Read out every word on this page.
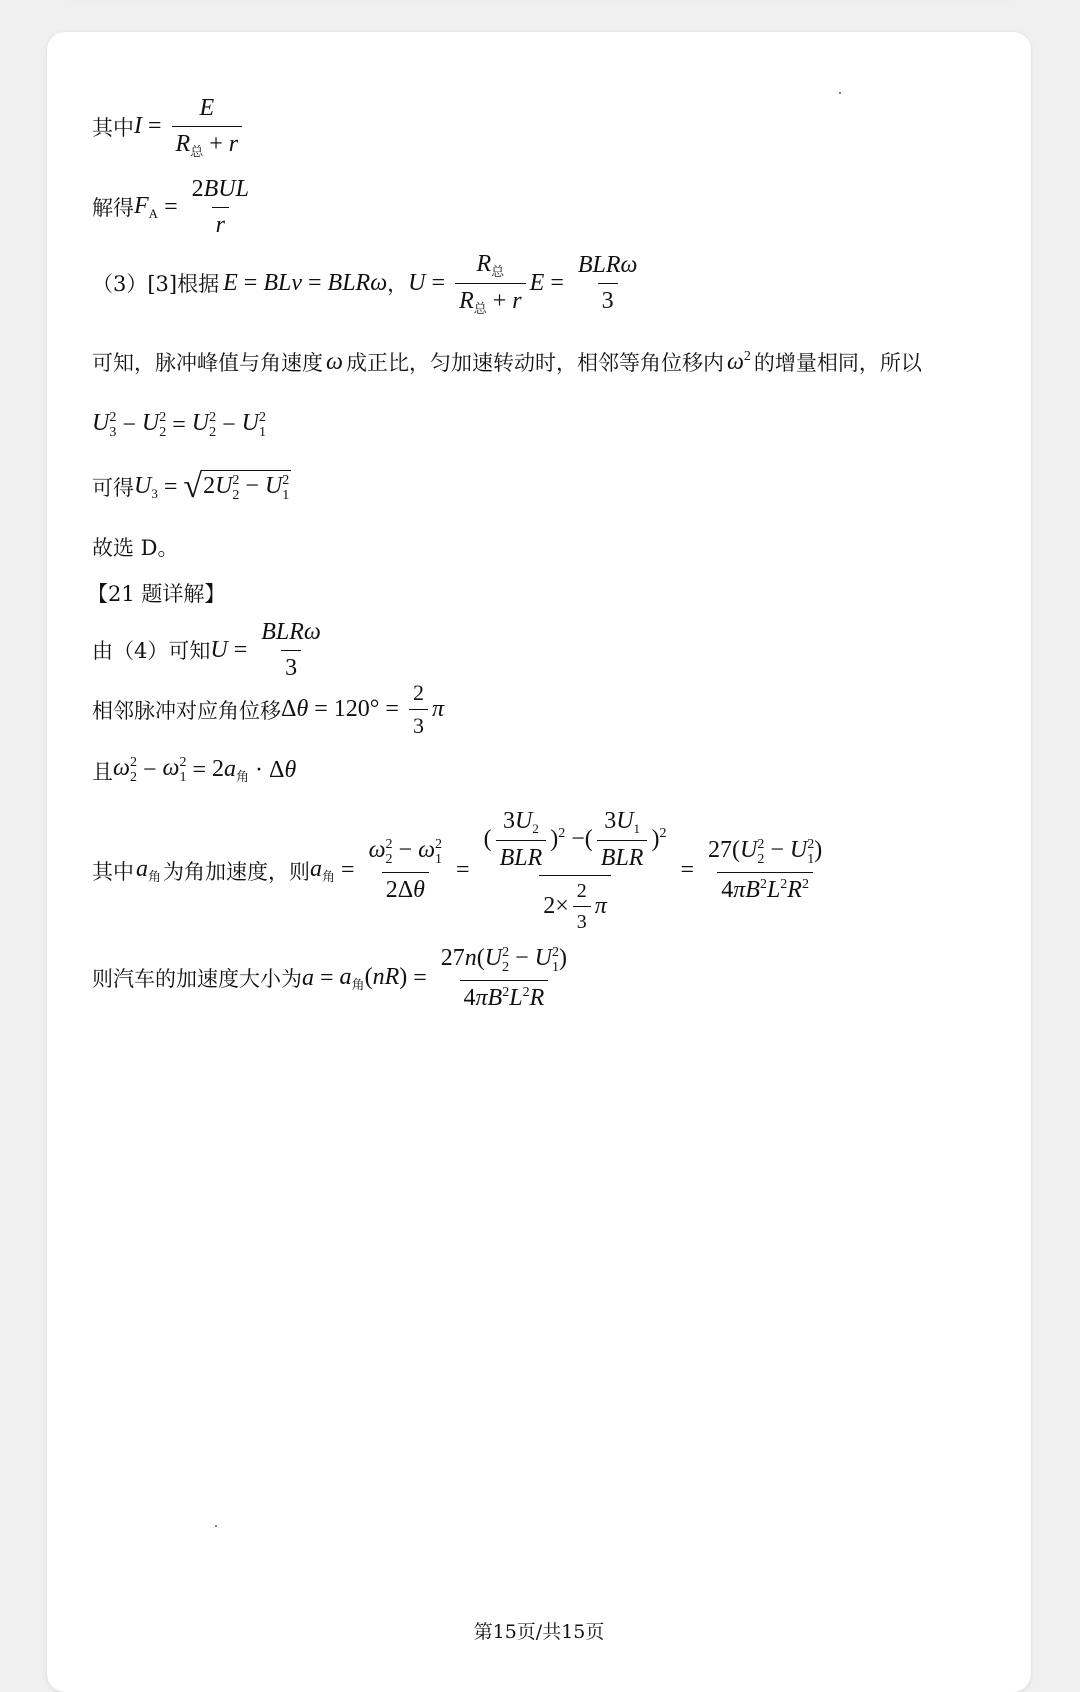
其中 $I = \frac{E}{R_总 + r}$
解得 $F_A = \frac{\text{2BUL}}{r}$
（3）[3]根据 E = BLv = BLRω ， $U = \frac{R_总}{R_总 + r}$ $E = \frac{\text{BLRω}}{3}$
可知，脉冲峰值与角速度 ω 成正比，匀加速转动时，相邻等角位移内 $\omega^2$ 的增量相同，所以
$U^2_3 - U^2_2 = U^2_2 - U^2_1$
可得 $U_3$ = √ $2U^2_2 - U^2_1$
故选 D。
【21 题详解】
由（4）可知 $U = \frac{\text{BLRω}}{3}$
相邻脉冲对应角位移 $\Delta\theta = 120^\circ = \frac{2}{3}$ π
且 $\omega^2_2 - \omega^2_1 = 2a_角 \cdot \Delta\theta$
其中 $a_角$ 为角加速度，则 $a_角 = \frac{\omega^2_2 - \omega^2_1}{2\Delta\theta} = \frac{( \frac{3U_2}{\text{BLR}} )^2 -( \frac{3U_1}{\text{BLR}} )^2}{2\times \frac{2}{3} \pi} = \frac{27(U^2_2 - U^2_1)}{4\pi B^2L^2R^2}$
则汽车的加速度大小为 $a = a_角(nR) = \frac{27n(U^2_2 - U^2_1)}{4\pi B^2L^2R}$
第15页/共15页
